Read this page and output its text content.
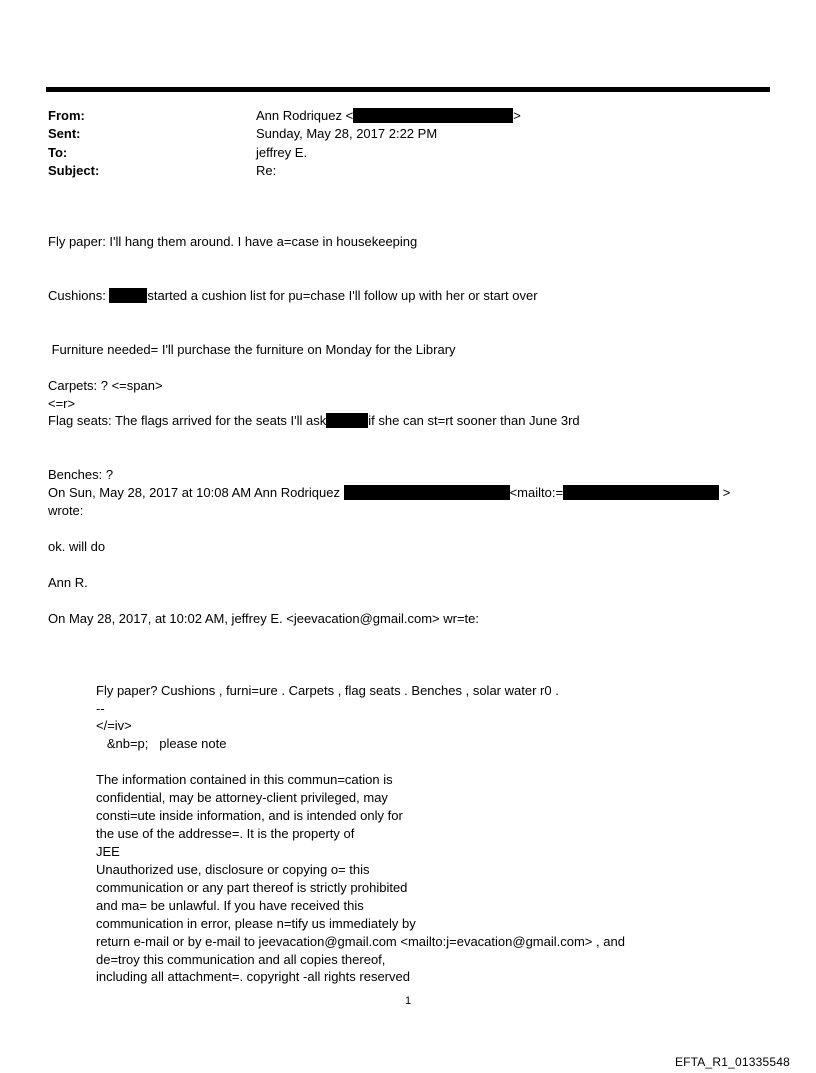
From:	Ann Rodriquez <	>
Sent:	Sunday, May 28, 2017 2:22 PM
To:	jeffrey E.
Subject:	Re:
Fly paper: I'll hang them around. I have a=case in housekeeping
Cushions:	started a cushion list for pu=chase I'll follow up with her or start over
Furniture needed= I'll purchase the furniture on Monday for the Library
Carpets: ? <=span>
<=r>
Flag seats: The flags arrived for the seats I'll ask	if she can st=rt sooner than June 3rd
Benches: ?
On Sun, May 28, 2017 at 10:08 AM Ann Rodriquez	<mailto:=	>
wrote:
ok. will do
Ann R.
On May 28, 2017, at 10:02 AM, jeffrey E. <jeevacation@gmail.com> wr=te:
Fly paper? Cushions , furni=ure . Carpets , flag seats . Benches , solar water r0 .
--
</=iv>
&nb=p;   please note
The information contained in this commun=cation is
confidential, may be attorney-client privileged, may
consti=ute inside information, and is intended only for
the use of the addresse=. It is the property of
JEE
Unauthorized use, disclosure or copying o= this
communication or any part thereof is strictly prohibited
and ma= be unlawful. If you have received this
communication in error, please n=tify us immediately by
return e-mail or by e-mail to jeevacation@gmail.com <mailto:j=evacation@gmail.com> , and
de=troy this communication and all copies thereof,
including all attachment=. copyright -all rights reserved
1
EFTA_R1_01335548
